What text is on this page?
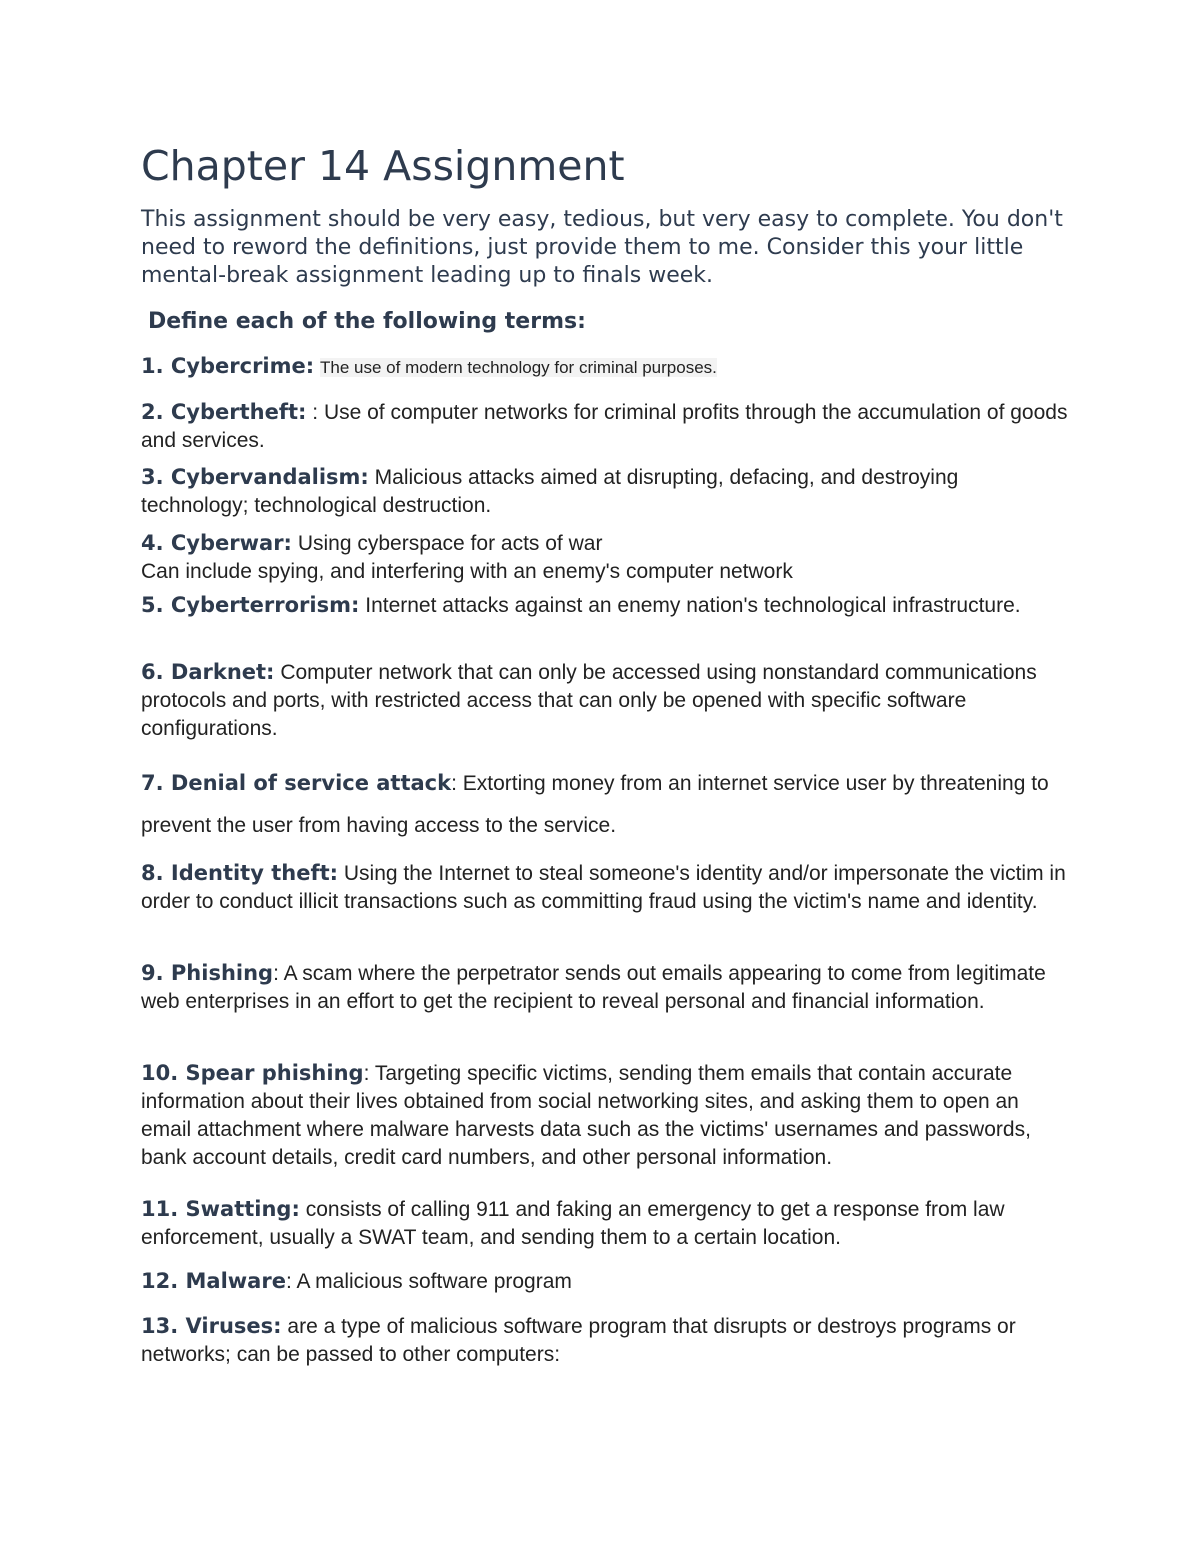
Chapter 14 Assignment

This assignment should be very easy, tedious, but very easy to complete. You don't need to reword the definitions, just provide them to me. Consider this your little mental-break assignment leading up to finals week.

Define each of the following terms:

1. Cybercrime: The use of modern technology for criminal purposes.

2. Cybertheft: : Use of computer networks for criminal profits through the accumulation of goods and services.

3. Cybervandalism: Malicious attacks aimed at disrupting, defacing, and destroying technology; technological destruction.

4. Cyberwar: Using cyberspace for acts of war
Can include spying, and interfering with an enemy's computer network

5. Cyberterrorism: Internet attacks against an enemy nation's technological infrastructure.

6. Darknet: Computer network that can only be accessed using nonstandard communications protocols and ports, with restricted access that can only be opened with specific software configurations.

7. Denial of service attack: Extorting money from an internet service user by threatening to prevent the user from having access to the service.

8. Identity theft: Using the Internet to steal someone's identity and/or impersonate the victim in order to conduct illicit transactions such as committing fraud using the victim's name and identity.

9. Phishing: A scam where the perpetrator sends out emails appearing to come from legitimate web enterprises in an effort to get the recipient to reveal personal and financial information.

10. Spear phishing: Targeting specific victims, sending them emails that contain accurate information about their lives obtained from social networking sites, and asking them to open an email attachment where malware harvests data such as the victims' usernames and passwords, bank account details, credit card numbers, and other personal information.

11. Swatting: consists of calling 911 and faking an emergency to get a response from law enforcement, usually a SWAT team, and sending them to a certain location.

12. Malware: A malicious software program

13. Viruses: are a type of malicious software program that disrupts or destroys programs or networks; can be passed to other computers:
